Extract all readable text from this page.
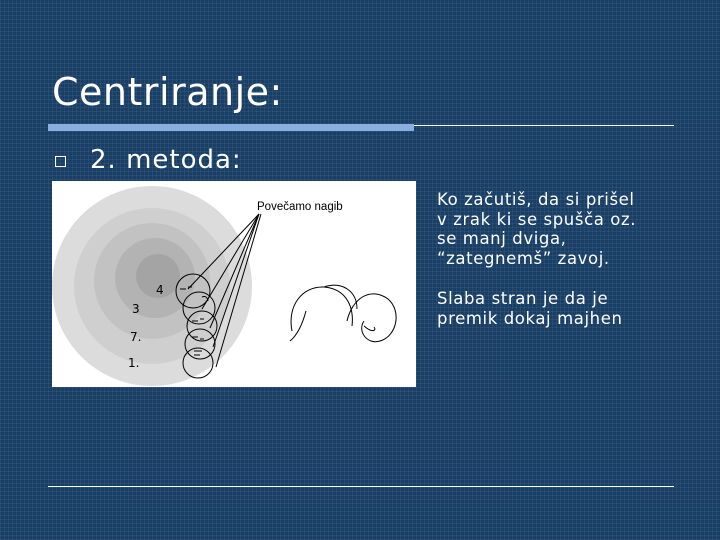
Centriranje:
2. metoda:
Povečamo nagib
4
3
7.
1.

Ko začutiš, da si prišel
v zrak ki se spušča oz.
se manj dviga,
“zategnemš” zavoj.

Slaba stran je da je
premik dokaj majhen
